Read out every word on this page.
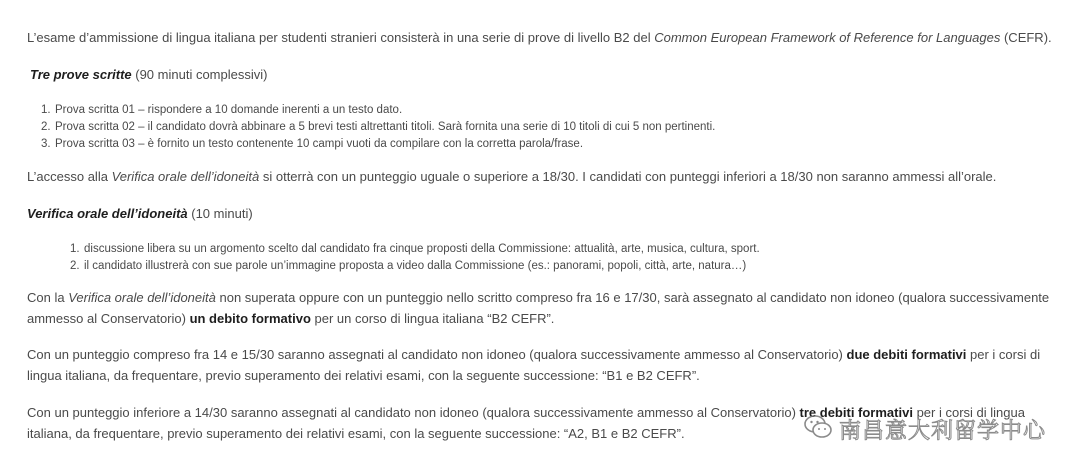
L’esame d’ammissione di lingua italiana per studenti stranieri consisterà in una serie di prove di livello B2 del Common European Framework of Reference for Languages (CEFR).
Tre prove scritte (90 minuti complessivi)
1. Prova scritta 01 – rispondere a 10 domande inerenti a un testo dato.
2. Prova scritta 02 – il candidato dovrà abbinare a 5 brevi testi altrettanti titoli. Sarà fornita una serie di 10 titoli di cui 5 non pertinenti.
3. Prova scritta 03 – è fornito un testo contenente 10 campi vuoti da compilare con la corretta parola/frase.
L’accesso alla Verifica orale dell’idoneità si otterrà con un punteggio uguale o superiore a 18/30. I candidati con punteggi inferiori a 18/30 non saranno ammessi all’orale.
Verifica orale dell’idoneità (10 minuti)
1. discussione libera su un argomento scelto dal candidato fra cinque proposti della Commissione: attualità, arte, musica, cultura, sport.
2. il candidato illustrerà con sue parole un’immagine proposta a video dalla Commissione (es.: panorami, popoli, città, arte, natura…)
Con la Verifica orale dell’idoneità non superata oppure con un punteggio nello scritto compreso fra 16 e 17/30, sarà assegnato al candidato non idoneo (qualora successivamente ammesso al Conservatorio) un debito formativo per un corso di lingua italiana “B2 CEFR”.
Con un punteggio compreso fra 14 e 15/30 saranno assegnati al candidato non idoneo (qualora successivamente ammesso al Conservatorio) due debiti formativi per i corsi di lingua italiana, da frequentare, previo superamento dei relativi esami, con la seguente successione: “B1 e B2 CEFR”.
Con un punteggio inferiore a 14/30 saranno assegnati al candidato non idoneo (qualora successivamente ammesso al Conservatorio) tre debiti formativi per i corsi di lingua italiana, da frequentare, previo superamento dei relativi esami, con la seguente successione: “A2, B1 e B2 CEFR”.	南昌意大利留学中心
